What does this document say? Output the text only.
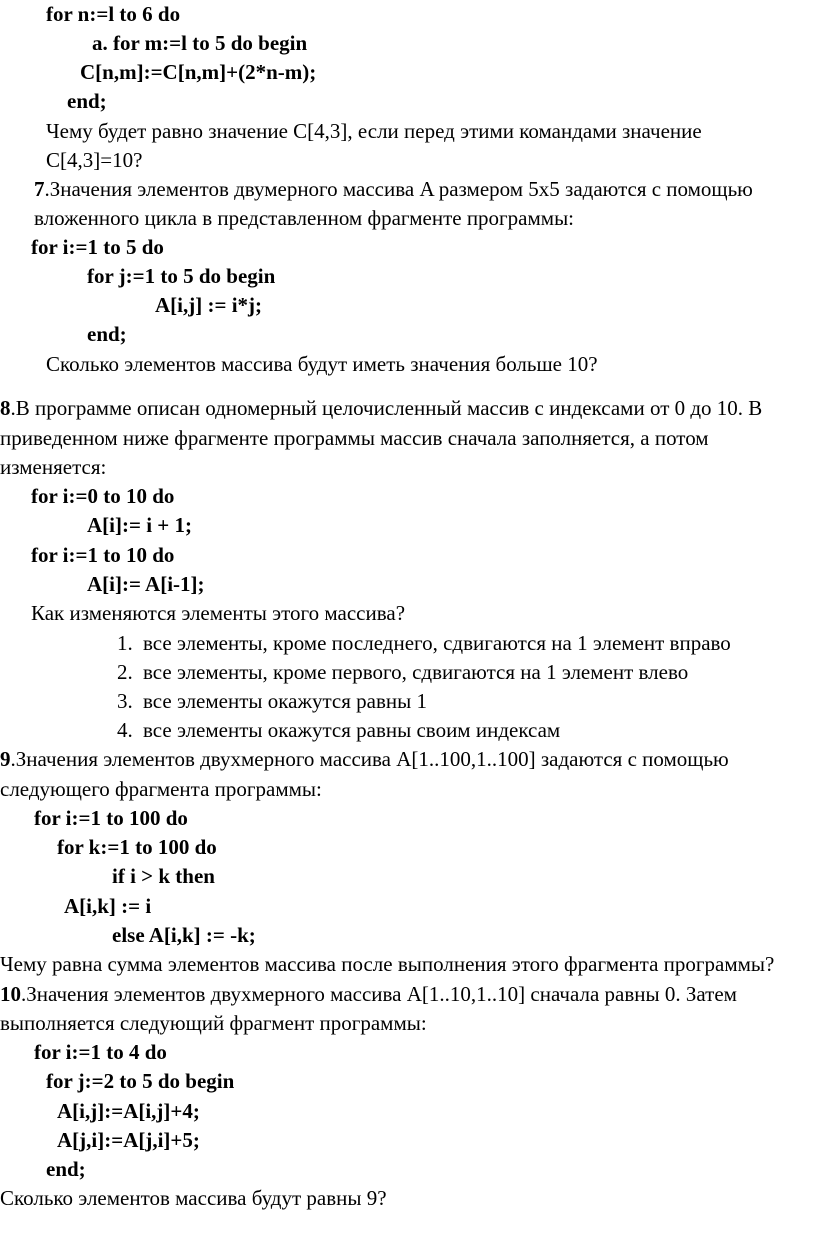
for n:=l to 6 do
a. for m:=l to 5 do begin
C[n,m]:=C[n,m]+(2*n-m);
end;
Чему будет равно значение C[4,3], если перед этими командами значение
C[4,3]=10?
7.Значения элементов двумерного массива A размером 5x5 задаются с помощью
вложенного цикла в представленном фрагменте программы:
for i:=1 to 5 do
for j:=1 to 5 do begin
A[i,j] := i*j;
end;
Сколько элементов массива будут иметь значения больше 10?
8.В программе описан одномерный целочисленный массив с индексами от 0 до 10. В
приведенном ниже фрагменте программы массив сначала заполняется, а потом
изменяется:
for i:=0 to 10 do
A[i]:= i + 1;
for i:=1 to 10 do
A[i]:= A[i-1];
Как изменяются элементы этого массива?
1. все элементы, кроме последнего, сдвигаются на 1 элемент вправо
2. все элементы, кроме первого, сдвигаются на 1 элемент влево
3. все элементы окажутся равны 1
4. все элементы окажутся равны своим индексам
9.Значения элементов двухмерного массива A[1..100,1..100] задаются с помощью
следующего фрагмента программы:
for i:=1 to 100 do
for k:=1 to 100 do
if i > k then
A[i,k] := i
else A[i,k] := -k;
Чему равна сумма элементов массива после выполнения этого фрагмента программы?
10.Значения элементов двухмерного массива A[1..10,1..10] сначала равны 0. Затем
выполняется следующий фрагмент программы:
for i:=1 to 4 do
for j:=2 to 5 do begin
A[i,j]:=A[i,j]+4;
A[j,i]:=A[j,i]+5;
end;
Сколько элементов массива будут равны 9?
